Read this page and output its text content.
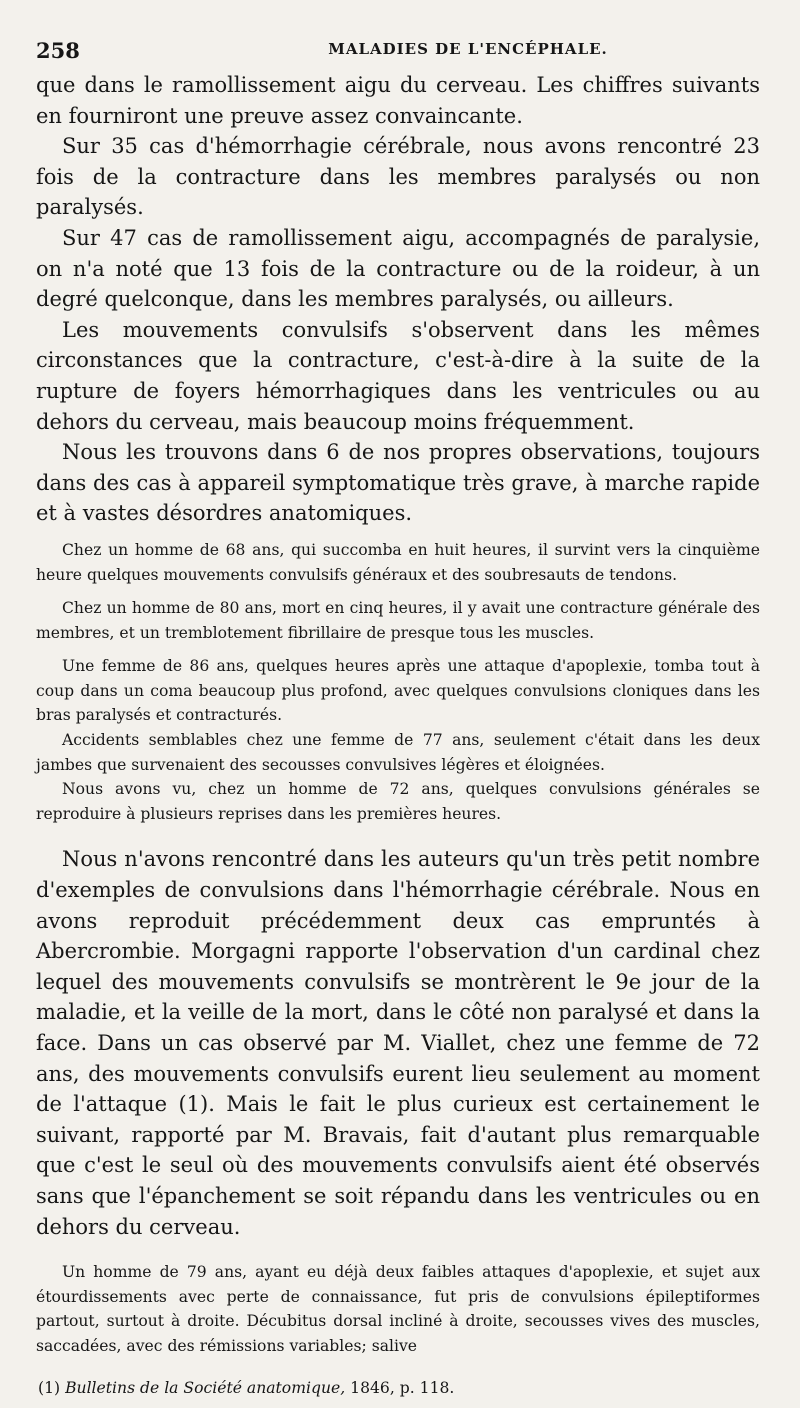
258	MALADIES DE L'ENCÉPHALE.

que dans le ramollissement aigu du cerveau. Les chiffres suivants en fourniront une preuve assez convaincante.

Sur 35 cas d'hémorrhagie cérébrale, nous avons rencontré 23 fois de la contracture dans les membres paralysés ou non paralysés.

Sur 47 cas de ramollissement aigu, accompagnés de paralysie, on n'a noté que 13 fois de la contracture ou de la roideur, à un degré quelconque, dans les membres paralysés, ou ailleurs.

Les mouvements convulsifs s'observent dans les mêmes circonstances que la contracture, c'est-à-dire à la suite de la rupture de foyers hémorrhagiques dans les ventricules ou au dehors du cerveau, mais beaucoup moins fréquemment.

Nous les trouvons dans 6 de nos propres observations, toujours dans des cas à appareil symptomatique très grave, à marche rapide et à vastes désordres anatomiques.

Chez un homme de 68 ans, qui succomba en huit heures, il survint vers la cinquième heure quelques mouvements convulsifs généraux et des soubresauts de tendons.

Chez un homme de 80 ans, mort en cinq heures, il y avait une contracture générale des membres, et un tremblotement fibrillaire de presque tous les muscles.

Une femme de 86 ans, quelques heures après une attaque d'apoplexie, tomba tout à coup dans un coma beaucoup plus profond, avec quelques convulsions cloniques dans les bras paralysés et contracturés.

Accidents semblables chez une femme de 77 ans, seulement c'était dans les deux jambes que survenaient des secousses convulsives légères et éloignées.

Nous avons vu, chez un homme de 72 ans, quelques convulsions générales se reproduire à plusieurs reprises dans les premières heures.

Nous n'avons rencontré dans les auteurs qu'un très petit nombre d'exemples de convulsions dans l'hémorrhagie cérébrale. Nous en avons reproduit précédemment deux cas empruntés à Abercrombie. Morgagni rapporte l'observation d'un cardinal chez lequel des mouvements convulsifs se montrèrent le 9e jour de la maladie, et la veille de la mort, dans le côté non paralysé et dans la face. Dans un cas observé par M. Viallet, chez une femme de 72 ans, des mouvements convulsifs eurent lieu seulement au moment de l'attaque (1). Mais le fait le plus curieux est certainement le suivant, rapporté par M. Bravais, fait d'autant plus remarquable que c'est le seul où des mouvements convulsifs aient été observés sans que l'épanchement se soit répandu dans les ventricules ou en dehors du cerveau.

Un homme de 79 ans, ayant eu déjà deux faibles attaques d'apoplexie, et sujet aux étourdissements avec perte de connaissance, fut pris de convulsions épileptiformes partout, surtout à droite. Décubitus dorsal incliné à droite, secousses vives des muscles, saccadées, avec des rémissions variables; salive

(1) Bulletins de la Société anatomique, 1846, p. 118.
